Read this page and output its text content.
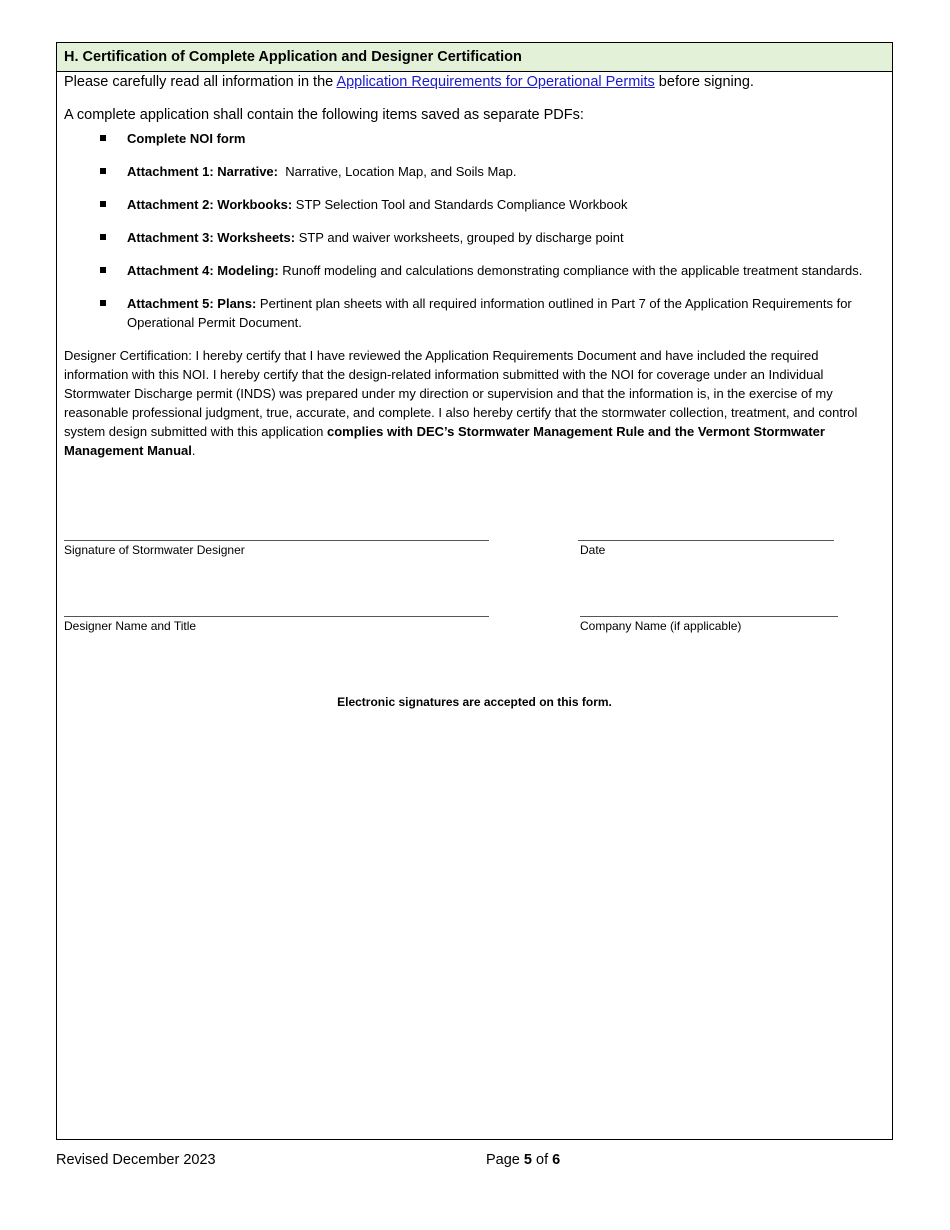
H. Certification of Complete Application and Designer Certification

Please carefully read all information in the Application Requirements for Operational Permits before signing.

A complete application shall contain the following items saved as separate PDFs:

Complete NOI form
Attachment 1: Narrative:  Narrative, Location Map, and Soils Map.
Attachment 2: Workbooks: STP Selection Tool and Standards Compliance Workbook
Attachment 3: Worksheets: STP and waiver worksheets, grouped by discharge point
Attachment 4: Modeling: Runoff modeling and calculations demonstrating compliance with the applicable treatment standards.
Attachment 5: Plans: Pertinent plan sheets with all required information outlined in Part 7 of the Application Requirements for Operational Permit Document.

Designer Certification: I hereby certify that I have reviewed the Application Requirements Document and have included the required information with this NOI. I hereby certify that the design-related information submitted with the NOI for coverage under an Individual Stormwater Discharge permit (INDS) was prepared under my direction or supervision and that the information is, in the exercise of my reasonable professional judgment, true, accurate, and complete. I also hereby certify that the stormwater collection, treatment, and control system design submitted with this application complies with DEC’s Stormwater Management Rule and the Vermont Stormwater Management Manual.

Signature of Stormwater Designer	Date
Designer Name and Title	Company Name (if applicable)
Electronic signatures are accepted on this form.
Revised December 2023	Page 5 of 6
